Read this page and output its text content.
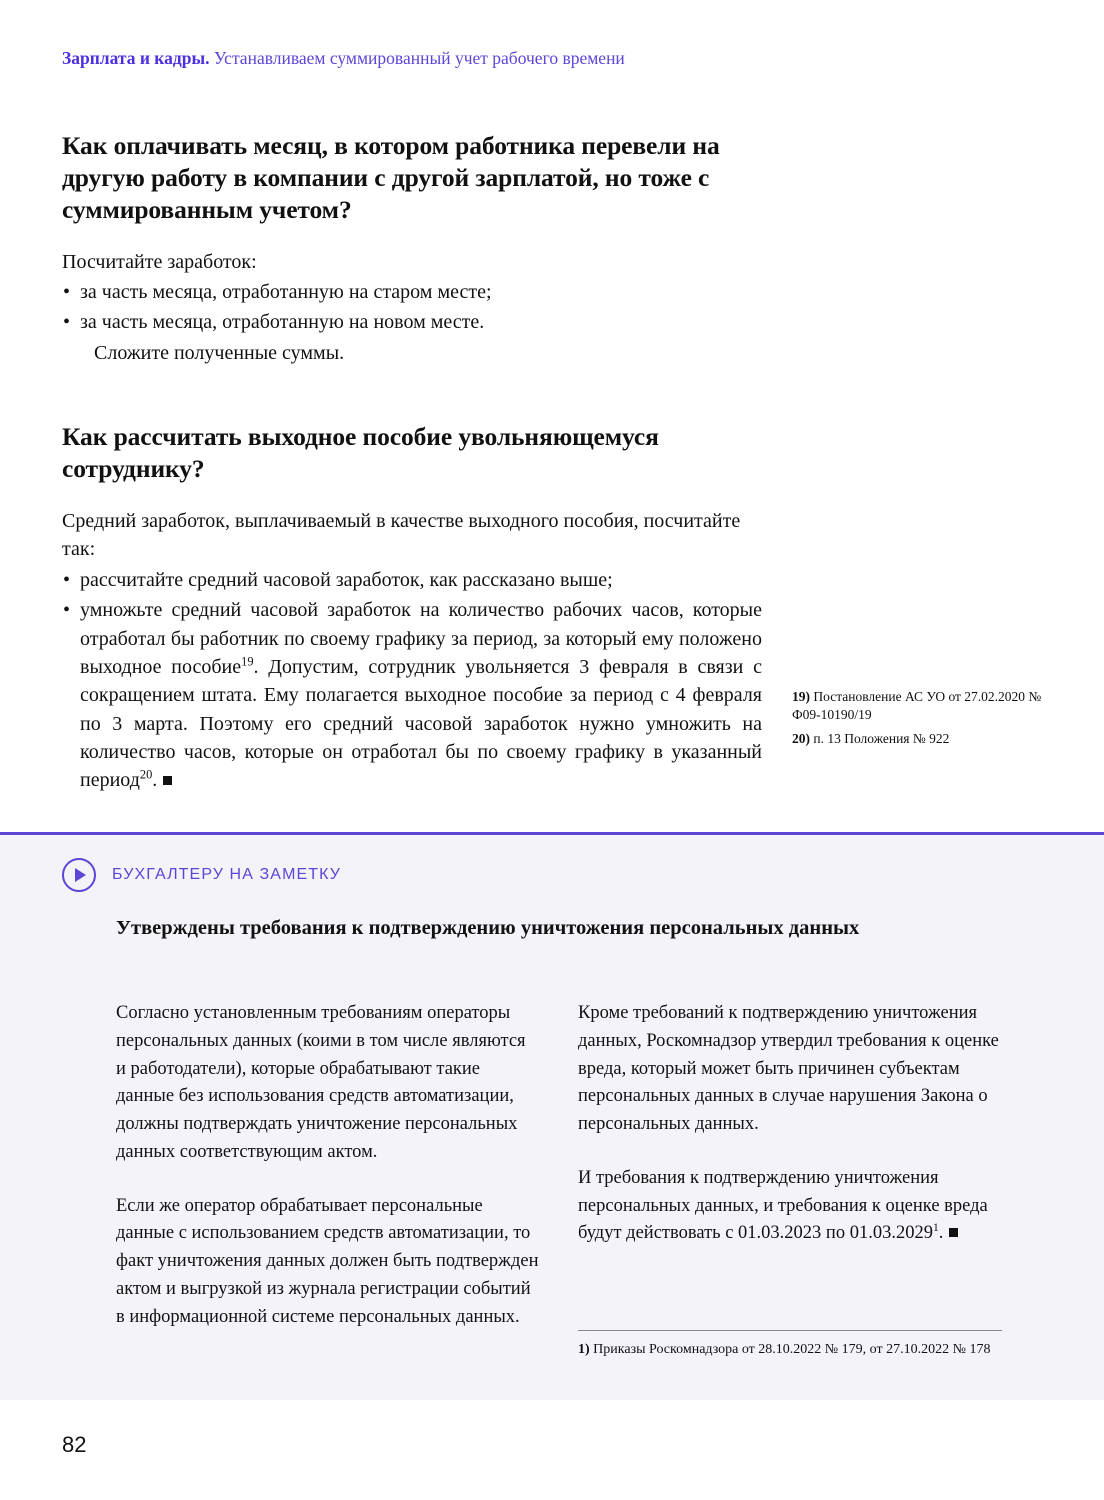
Зарплата и кадры. Устанавливаем суммированный учет рабочего времени
Как оплачивать месяц, в котором работника перевели на другую работу в компании с другой зарплатой, но тоже с суммированным учетом?

Посчитайте заработок:

• за часть месяца, отработанную на старом месте;
• за часть месяца, отработанную на новом месте.
Сложите полученные суммы.
Как рассчитать выходное пособие увольняющемуся сотруднику?

Средний заработок, выплачиваемый в качестве выходного пособия, посчитайте так:

• рассчитайте средний часовой заработок, как рассказано выше;
• умножьте средний часовой заработок на количество рабочих часов, которые отработал бы работник по своему графику за период, за который ему положено выходное пособие$^{19}$. Допустим, сотрудник увольняется 3 февраля в связи с сокращением штата. Ему полагается выходное пособие за период с 4 февраля по 3 марта. Поэтому его средний часовой заработок нужно умножить на количество часов, которые он отработал бы по своему графику в указанный период$^{20}$.

19) Постановление АС УО от 27.02.2020 № Ф09-10190/19

20) п. 13 Положения № 922

БУХГАЛТЕРУ НА ЗАМЕТКУ
Утверждены требования к подтверждению уничтожения персональных данных

Согласно установленным требованиям операторы персональных данных (коими в том числе являются и работодатели), которые обрабатывают такие данные без использования средств автоматизации, должны подтверждать уничтожение персональных данных соответствующим актом.

Если же оператор обрабатывает персональные данные с использованием средств автоматизации, то факт уничтожения данных должен быть подтвержден актом и выгрузкой из журнала регистрации событий в информационной системе персональных данных.

Кроме требований к подтверждению уничтожения данных, Роскомнадзор утвердил требования к оценке вреда, который может быть причинен субъектам персональных данных в случае нарушения Закона о персональных данных.

И требования к подтверждению уничтожения персональных данных, и требования к оценке вреда будут действовать с 01.03.2023 по 01.03.2029$^1$.

1) Приказы Роскомнадзора от 28.10.2022 № 179, от 27.10.2022 № 178
82
